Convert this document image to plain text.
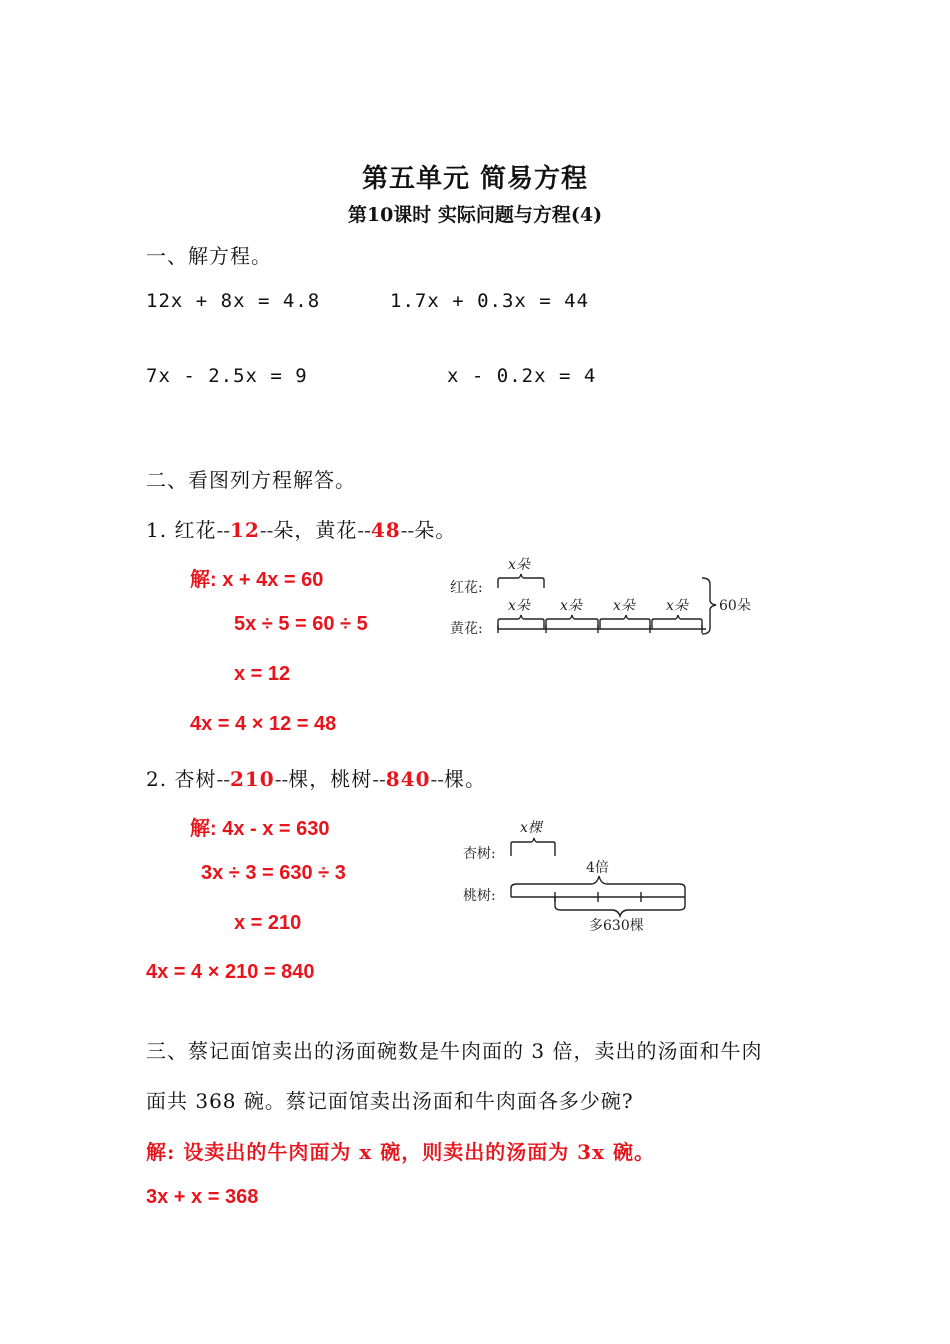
第五单元 简易方程
第10课时 实际问题与方程(4)
一、解方程。
12x + 8x = 4.8	1.7x + 0.3x = 44
7x - 2.5x = 9	x - 0.2x = 4
二、看图列方程解答。
1. 红花--12--朵，黄花--48--朵。
解: x + 4x = 60
5x ÷ 5 = 60 ÷ 5
x = 12
4x = 4 × 12 = 48
红花:
黄花:
x朵
x朵 x朵 x朵 x朵 60朵
2. 杏树--210--棵，桃树--840--棵。
解: 4x - x = 630
3x ÷ 3 = 630 ÷ 3
x = 210
4x = 4 × 210 = 840
杏树:
桃树:
x棵
4倍
多630棵
三、蔡记面馆卖出的汤面碗数是牛肉面的 3 倍，卖出的汤面和牛肉
面共 368 碗。蔡记面馆卖出汤面和牛肉面各多少碗?
解: 设卖出的牛肉面为 x 碗，则卖出的汤面为 3x 碗。
3x + x = 368
